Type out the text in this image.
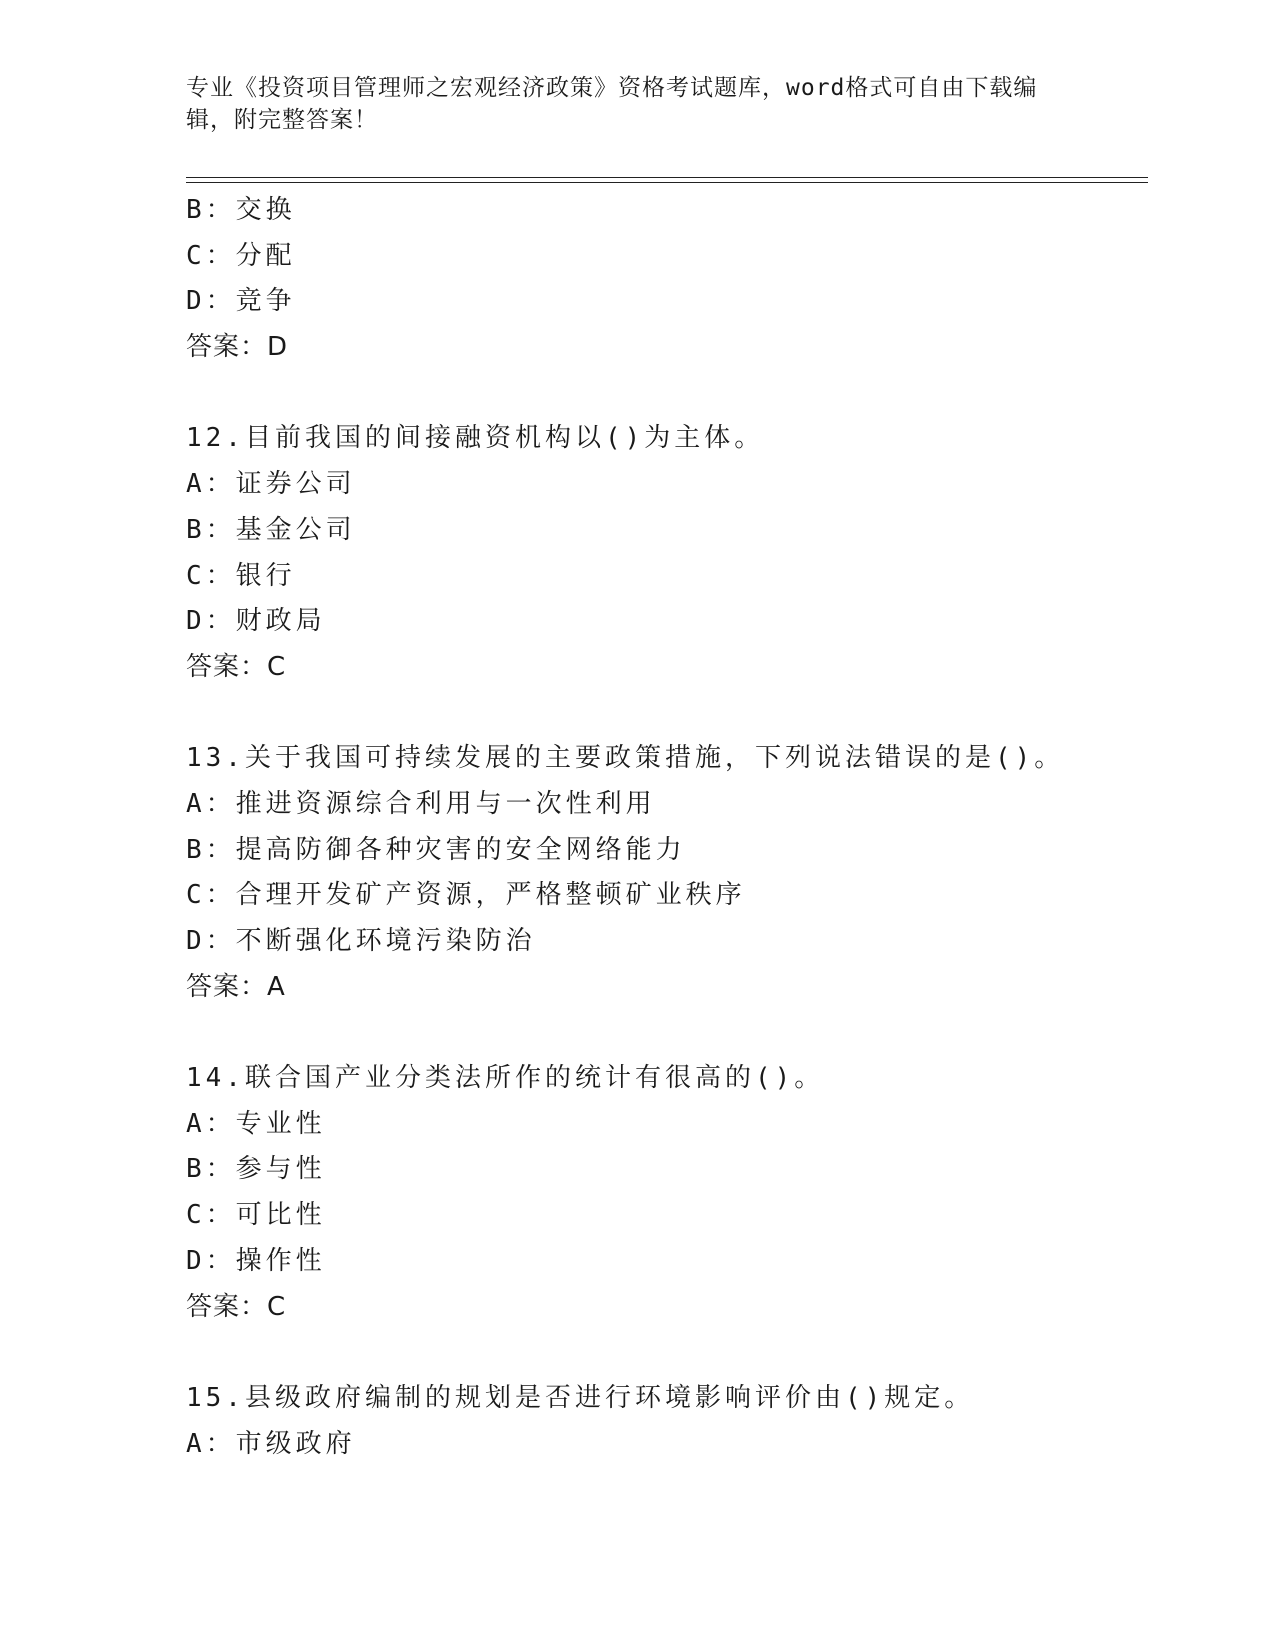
专业《投资项目管理师之宏观经济政策》资格考试题库，word格式可自由下载编
辑，附完整答案！
B：交换
C：分配
D：竞争
答案：D
12.目前我国的间接融资机构以()为主体。
A：证券公司
B：基金公司
C：银行
D：财政局
答案：C
13.关于我国可持续发展的主要政策措施，下列说法错误的是()。
A：推进资源综合利用与一次性利用
B：提高防御各种灾害的安全网络能力
C：合理开发矿产资源，严格整顿矿业秩序
D：不断强化环境污染防治
答案：A
14.联合国产业分类法所作的统计有很高的()。
A：专业性
B：参与性
C：可比性
D：操作性
答案：C
15.县级政府编制的规划是否进行环境影响评价由()规定。
A：市级政府
